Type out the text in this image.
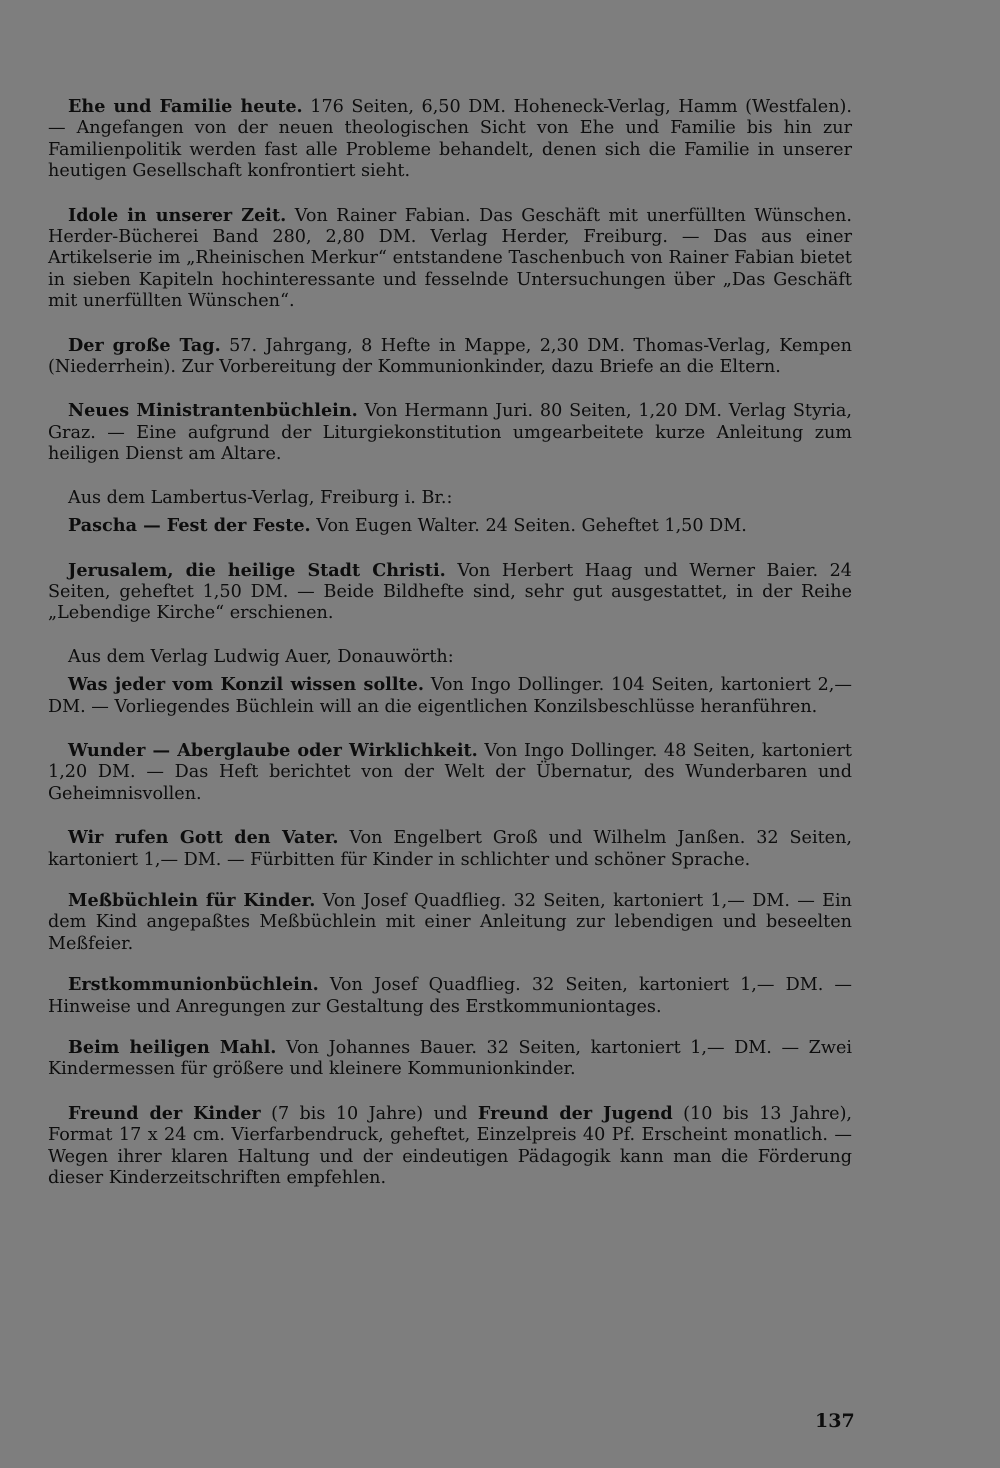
Ehe und Familie heute. 176 Seiten, 6,50 DM. Hoheneck-Verlag, Hamm (Westfalen). — Angefangen von der neuen theologischen Sicht von Ehe und Familie bis hin zur Familienpolitik werden fast alle Probleme behandelt, denen sich die Familie in unserer heutigen Gesellschaft konfrontiert sieht.

Idole in unserer Zeit. Von Rainer Fabian. Das Geschäft mit unerfüllten Wünschen. Herder-Bücherei Band 280, 2,80 DM. Verlag Herder, Freiburg. — Das aus einer Artikelserie im „Rheinischen Merkur“ entstandene Taschenbuch von Rainer Fabian bietet in sieben Kapiteln hochinteressante und fesselnde Untersuchungen über „Das Geschäft mit unerfüllten Wünschen“.

Der große Tag. 57. Jahrgang, 8 Hefte in Mappe, 2,30 DM. Thomas-Verlag, Kempen (Niederrhein). Zur Vorbereitung der Kommunionkinder, dazu Briefe an die Eltern.

Neues Ministrantenbüchlein. Von Hermann Juri. 80 Seiten, 1,20 DM. Verlag Styria, Graz. — Eine aufgrund der Liturgiekonstitution umgearbeitete kurze Anleitung zum heiligen Dienst am Altare.

Aus dem Lambertus-Verlag, Freiburg i. Br.:

Pascha — Fest der Feste. Von Eugen Walter. 24 Seiten. Geheftet 1,50 DM.

Jerusalem, die heilige Stadt Christi. Von Herbert Haag und Werner Baier. 24 Seiten, geheftet 1,50 DM. — Beide Bildhefte sind, sehr gut ausgestattet, in der Reihe „Lebendige Kirche“ erschienen.

Aus dem Verlag Ludwig Auer, Donauwörth:

Was jeder vom Konzil wissen sollte. Von Ingo Dollinger. 104 Seiten, kartoniert 2,— DM. — Vorliegendes Büchlein will an die eigentlichen Konzilsbeschlüsse heranführen.

Wunder — Aberglaube oder Wirklichkeit. Von Ingo Dollinger. 48 Seiten, kartoniert 1,20 DM. — Das Heft berichtet von der Welt der Übernatur, des Wunderbaren und Geheimnisvollen.

Wir rufen Gott den Vater. Von Engelbert Groß und Wilhelm Janßen. 32 Seiten, kartoniert 1,— DM. — Fürbitten für Kinder in schlichter und schöner Sprache.

Meßbüchlein für Kinder. Von Josef Quadflieg. 32 Seiten, kartoniert 1,— DM. — Ein dem Kind angepaßtes Meßbüchlein mit einer Anleitung zur lebendigen und beseelten Meßfeier.

Erstkommunionbüchlein. Von Josef Quadflieg. 32 Seiten, kartoniert 1,— DM. — Hinweise und Anregungen zur Gestaltung des Erstkommuniontages.

Beim heiligen Mahl. Von Johannes Bauer. 32 Seiten, kartoniert 1,— DM. — Zwei Kindermessen für größere und kleinere Kommunionkinder.

Freund der Kinder (7 bis 10 Jahre) und Freund der Jugend (10 bis 13 Jahre), Format 17 x 24 cm. Vierfarbendruck, geheftet, Einzelpreis 40 Pf. Erscheint monatlich. — Wegen ihrer klaren Haltung und der eindeutigen Pädagogik kann man die Förderung dieser Kinderzeitschriften empfehlen.

137
